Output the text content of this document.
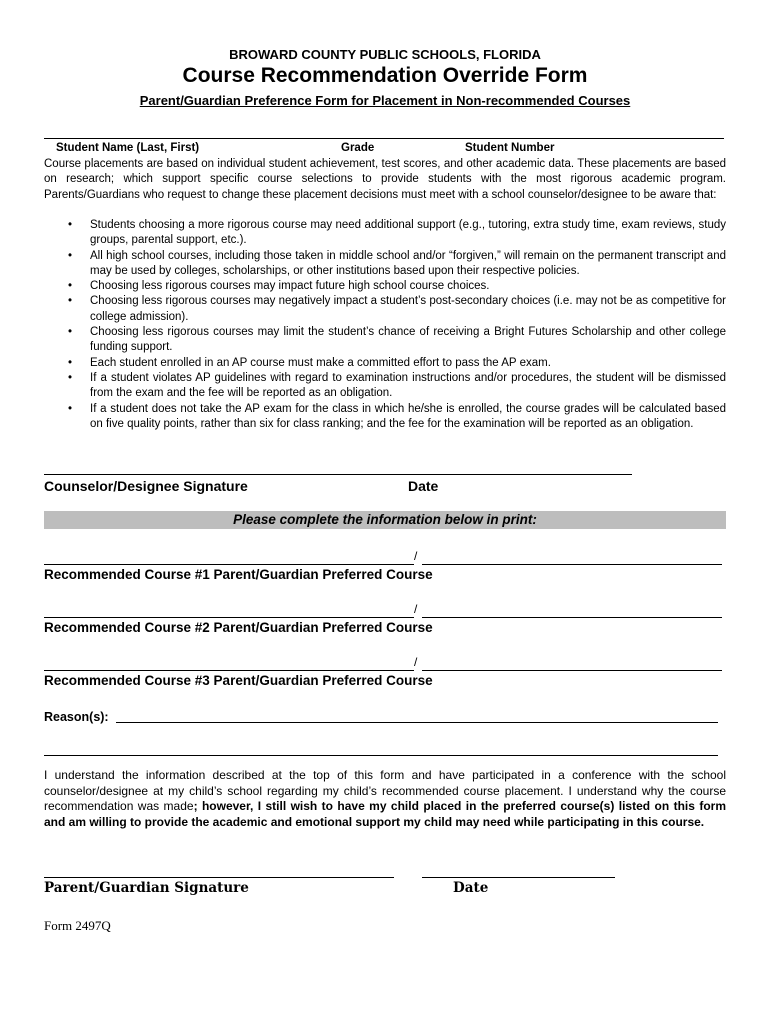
BROWARD COUNTY PUBLIC SCHOOLS, FLORIDA
Course Recommendation Override Form
Parent/Guardian Preference Form for Placement in Non-recommended Courses
Student Name (Last, First)	Grade	Student Number
Course placements are based on individual student achievement, test scores, and other academic data. These placements are based on research; which support specific course selections to provide students with the most rigorous academic program. Parents/Guardians who request to change these placement decisions must meet with a school counselor/designee to be aware that:
• Students choosing a more rigorous course may need additional support (e.g., tutoring, extra study time, exam reviews, study groups, parental support, etc.).
• All high school courses, including those taken in middle school and/or “forgiven,” will remain on the permanent transcript and may be used by colleges, scholarships, or other institutions based upon their respective policies.
• Choosing less rigorous courses may impact future high school course choices.
• Choosing less rigorous courses may negatively impact a student’s post-secondary choices (i.e. may not be as competitive for college admission).
• Choosing less rigorous courses may limit the student’s chance of receiving a Bright Futures Scholarship and other college funding support.
• Each student enrolled in an AP course must make a committed effort to pass the AP exam.
• If a student violates AP guidelines with regard to examination instructions and/or procedures, the student will be dismissed from the exam and the fee will be reported as an obligation.
• If a student does not take the AP exam for the class in which he/she is enrolled, the course grades will be calculated based on five quality points, rather than six for class ranking; and the fee for the examination will be reported as an obligation.
Counselor/Designee Signature	Date
Please complete the information below in print:
/
Recommended Course #1 Parent/Guardian Preferred Course
/
Recommended Course #2 Parent/Guardian Preferred Course
/
Recommended Course #3 Parent/Guardian Preferred Course
Reason(s):
I understand the information described at the top of this form and have participated in a conference with the school counselor/designee at my child’s school regarding my child’s recommended course placement. I understand why the course recommendation was made; however, I still wish to have my child placed in the preferred course(s) listed on this form and am willing to provide the academic and emotional support my child may need while participating in this course.
Parent/Guardian Signature	Date
Form 2497Q
